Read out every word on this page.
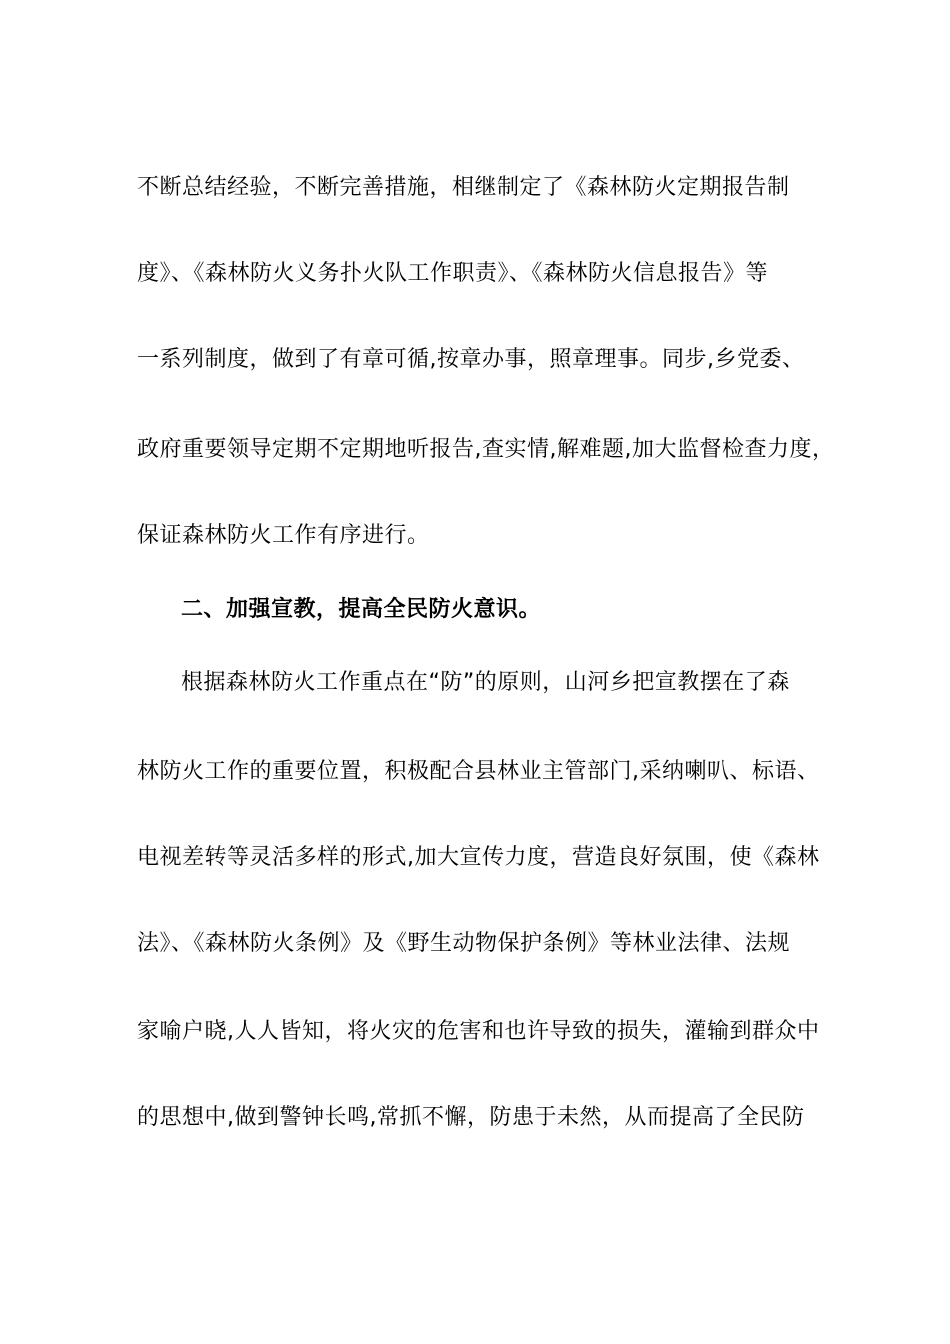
不断总结经验，不断完善措施，相继制定了《森林防火定期报告制
度》、《森林防火义务扑火队工作职责》、《森林防火信息报告》等
一系列制度，做到了有章可循,按章办事，照章理事。同步,乡党委、
政府重要领导定期不定期地听报告,查实情,解难题,加大监督检查力度，
保证森林防火工作有序进行。
二、加强宣教，提高全民防火意识。
根据森林防火工作重点在“防”的原则，山河乡把宣教摆在了森
林防火工作的重要位置，积极配合县林业主管部门,采纳喇叭、标语、
电视差转等灵活多样的形式,加大宣传力度，营造良好氛围，使《森林
法》、《森林防火条例》及《野生动物保护条例》等林业法律、法规
家喻户晓,人人皆知，将火灾的危害和也许导致的损失，灌输到群众中
的思想中,做到警钟长鸣,常抓不懈，防患于未然，从而提高了全民防
